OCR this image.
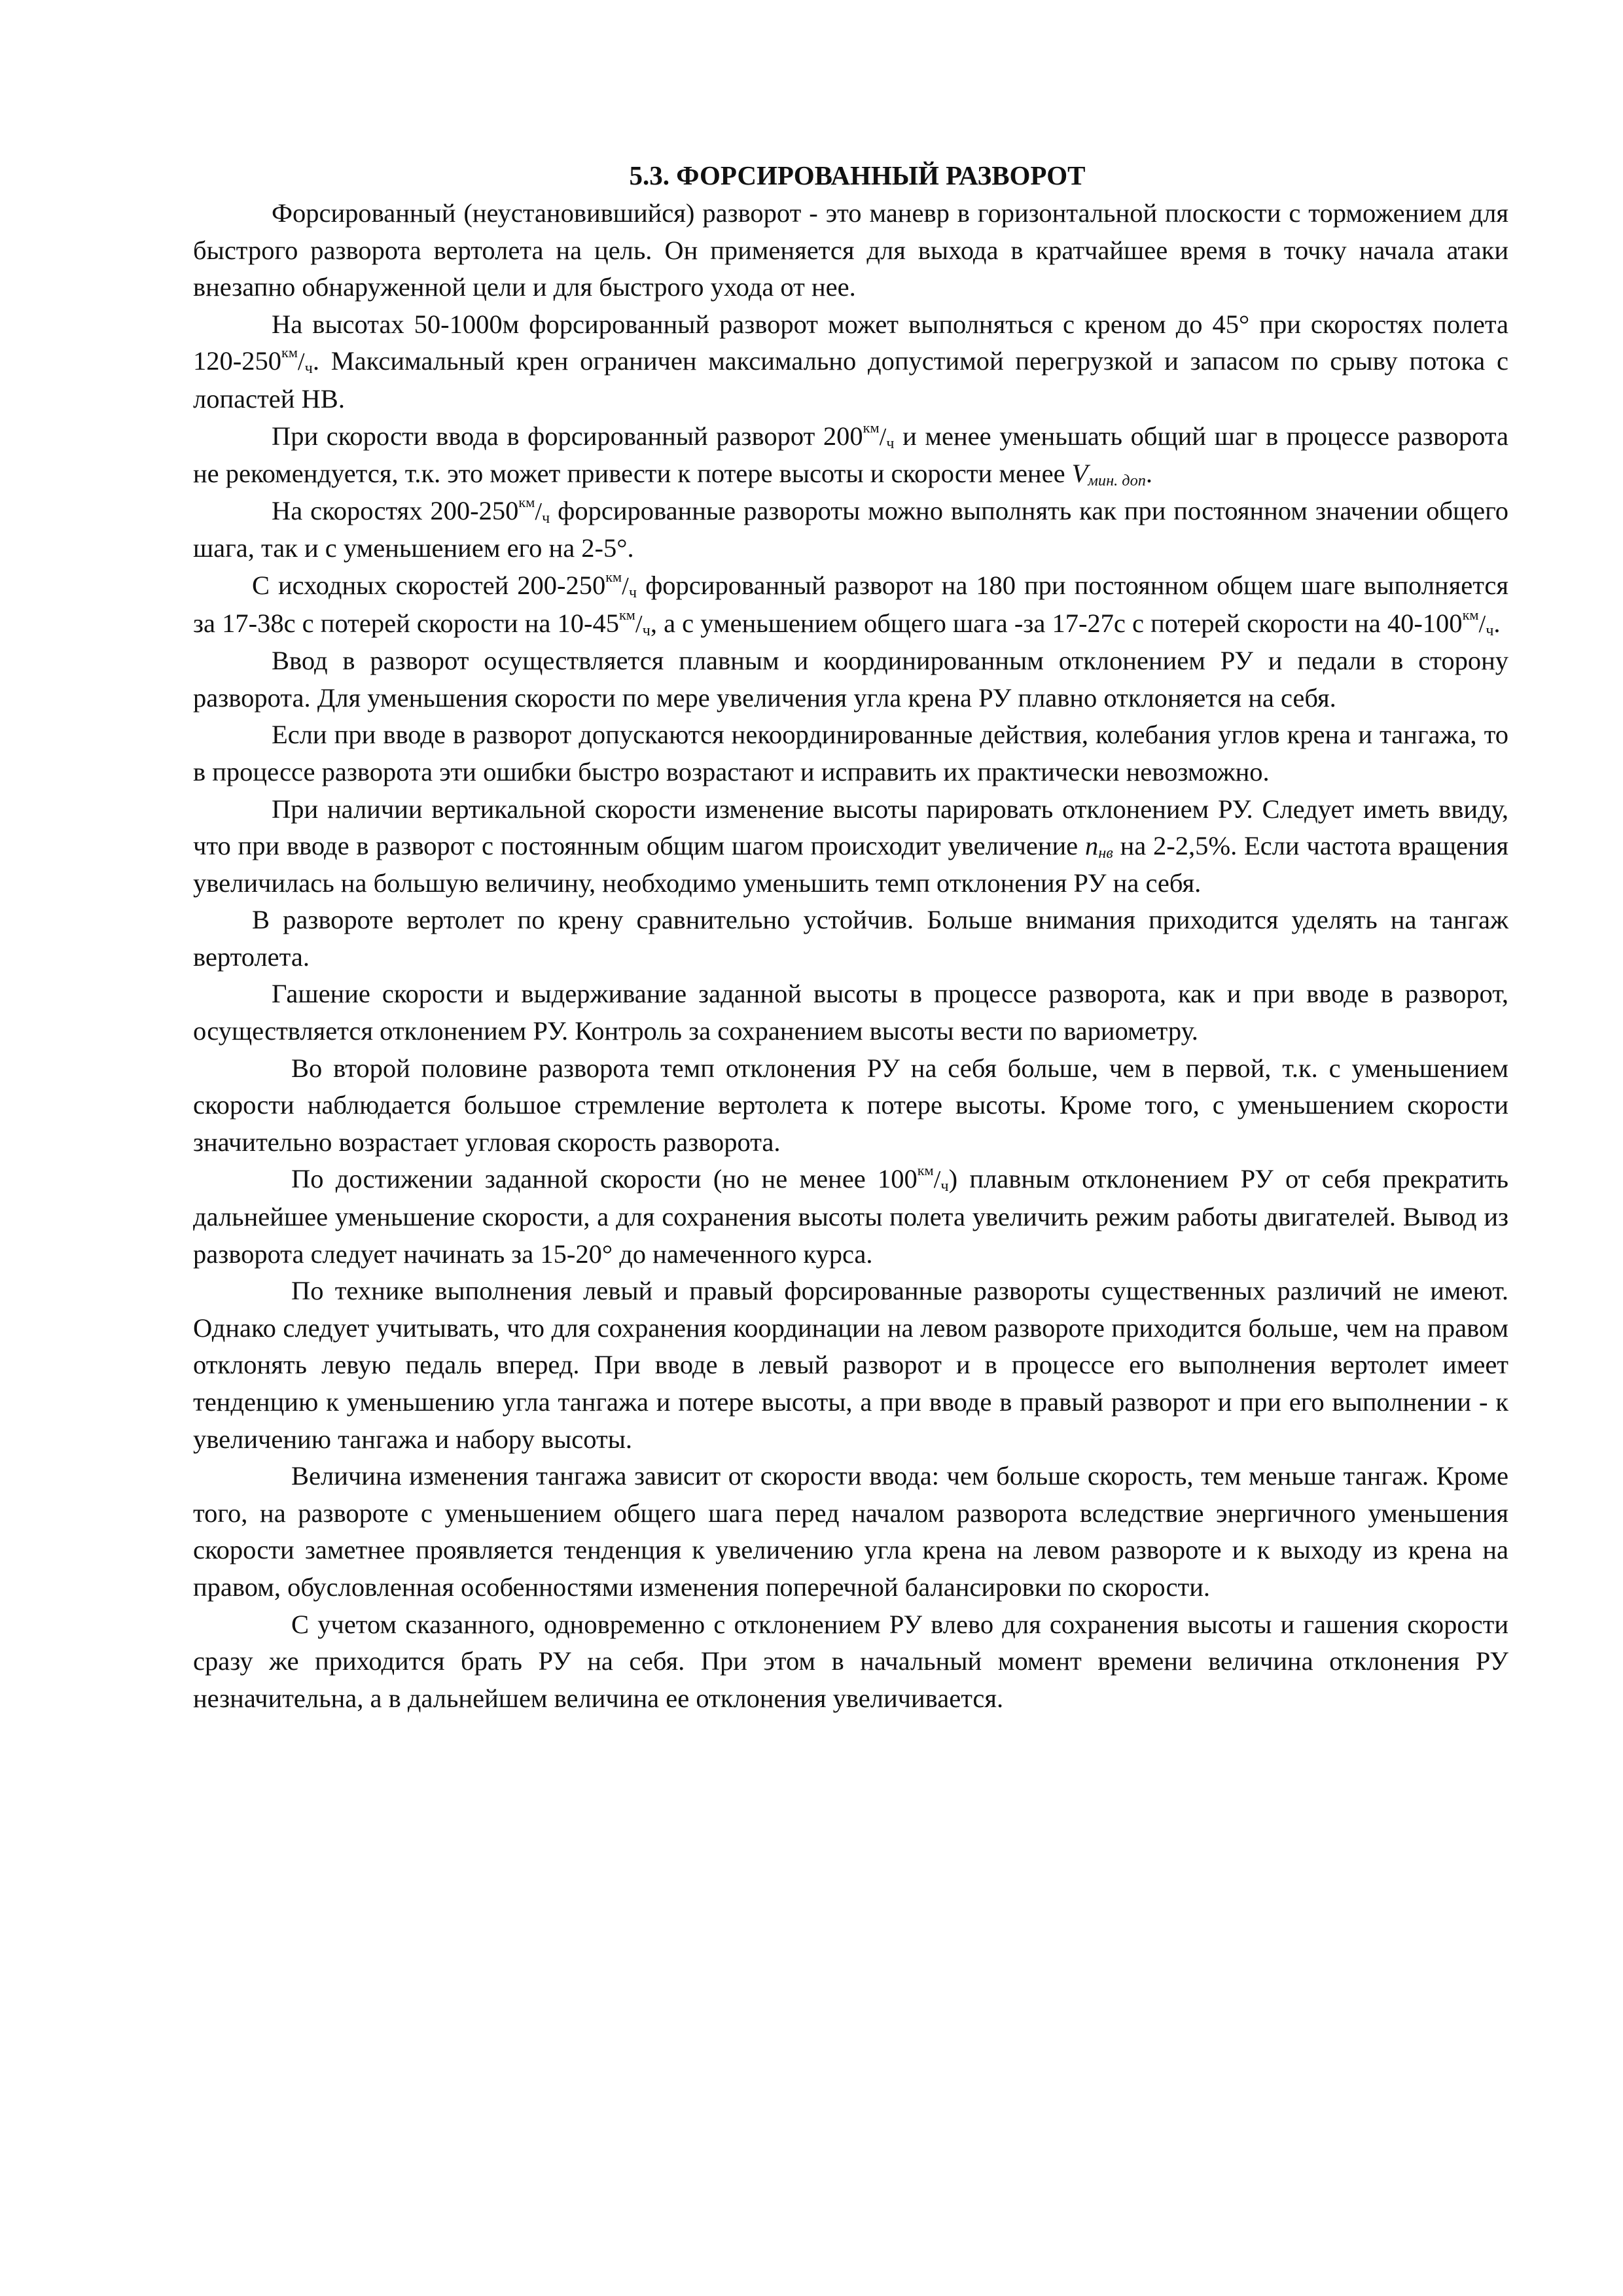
5.3. ФОРСИРОВАННЫЙ РАЗВОРОТ

Форсированный (неустановившийся) разворот - это маневр в горизонтальной плоскости с торможением для быстрого разворота вертолета на цель. Он применяется для выхода в кратчайшее время в точку начала атаки внезапно обнаруженной цели и для быстрого ухода от нее.

На высотах 50-1000м форсированный разворот может выполняться с креном до 45° при скоростях полета $120-250^{км}/_ч$. Максимальный крен ограничен максимально допустимой перегрузкой и запасом по срыву потока с лопастей НВ.

При скорости ввода в форсированный разворот $200^{км}/_ч$ и менее уменьшать общий шаг в процессе разворота не рекомендуется, т.к. это может привести к потере высоты и скорости менее $V_{мин. доп}$.

На скоростях $200-250^{км}/_ч$ форсированные развороты можно выполнять как при постоянном значении общего шага, так и с уменьшением его на 2-5°.

С исходных скоростей $200-250^{км}/_ч$ форсированный разворот на 180 при постоянном общем шаге выполняется за 17-38с с потерей скорости на $10-45^{км}/_ч$, а с уменьшением общего шага -за 17-27с с потерей скорости на $40-100^{км}/_ч$.

Ввод в разворот осуществляется плавным и координированным отклонением РУ и педали в сторону разворота. Для уменьшения скорости по мере увеличения угла крена РУ плавно отклоняется на себя.

Если при вводе в разворот допускаются некоординированные действия, колебания углов крена и тангажа, то в процессе разворота эти ошибки быстро возрастают и исправить их практически невозможно.

При наличии вертикальной скорости изменение высоты парировать отклонением РУ. Следует иметь ввиду, что при вводе в разворот с постоянным общим шагом происходит увеличение $n_{нв}$ на 2-2,5%. Если частота вращения увеличилась на большую величину, необходимо уменьшить темп отклонения РУ на себя.

В развороте вертолет по крену сравнительно устойчив. Больше внимания приходится уделять на тангаж вертолета.

Гашение скорости и выдерживание заданной высоты в процессе разворота, как и при вводе в разворот, осуществляется отклонением РУ. Контроль за сохранением высоты вести по вариометру.

Во второй половине разворота темп отклонения РУ на себя больше, чем в первой, т.к. с уменьшением скорости наблюдается большое стремление вертолета к потере высоты. Кроме того, с уменьшением скорости значительно возрастает угловая скорость разворота.

По достижении заданной скорости (но не менее $100^{км}/_ч$) плавным отклонением РУ от себя прекратить дальнейшее уменьшение скорости, а для сохранения высоты полета увеличить режим работы двигателей. Вывод из разворота следует начинать за 15-20° до намеченного курса.

По технике выполнения левый и правый форсированные развороты существенных различий не имеют. Однако следует учитывать, что для сохранения координации на левом развороте приходится больше, чем на правом отклонять левую педаль вперед. При вводе в левый разворот и в процессе его выполнения вертолет имеет тенденцию к уменьшению угла тангажа и потере высоты, а при вводе в правый разворот и при его выполнении - к увеличению тангажа и набору высоты.

Величина изменения тангажа зависит от скорости ввода: чем больше скорость, тем меньше тангаж. Кроме того, на развороте с уменьшением общего шага перед началом разворота вследствие энергичного уменьшения скорости заметнее проявляется тенденция к увеличению угла крена на левом развороте и к выходу из крена на правом, обусловленная особенностями изменения поперечной балансировки по скорости.

С учетом сказанного, одновременно с отклонением РУ влево для сохранения высоты и гашения скорости сразу же приходится брать РУ на себя. При этом в начальный момент времени величина отклонения РУ незначительна, а в дальнейшем величина ее отклонения увеличивается.
